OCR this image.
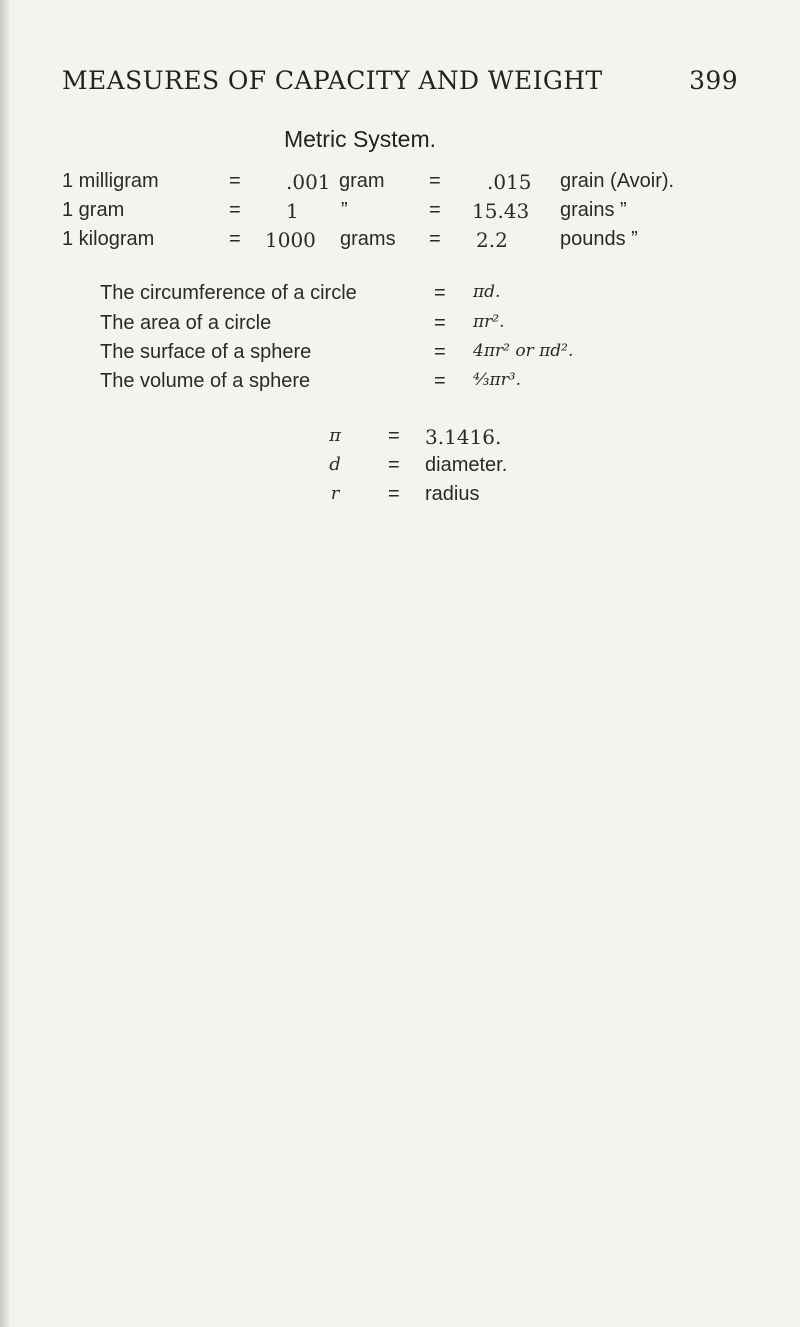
MEASURES OF CAPACITY AND WEIGHT	399
Metric System.
1 milligram	= .001 gram = .015 grain (Avoir).
1 gram	= 1 ”	= 15.43 grains ”
1 kilogram	= 1000 grams = 2.2	pounds ”
The circumference of a circle	= πd.
The area of a circle	= πr².
The surface of a sphere	= 4πr² or πd².
The volume of a sphere	= ⁴⁄₃πr³.
π	= 3.1416.
d	= diameter.
r	= radius
